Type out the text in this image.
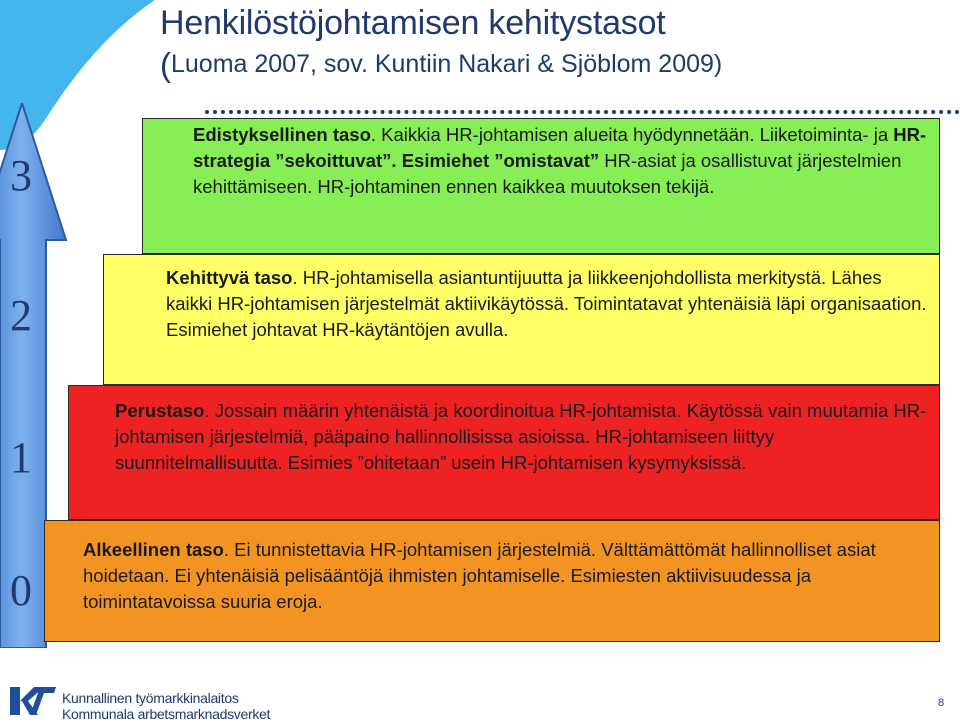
Henkilöstöjohtamisen kehitystasot
(Luoma 2007, sov. Kuntiin Nakari & Sjöblom 2009)
3
2
1
0
Edistyksellinen taso. Kaikkia HR-johtamisen alueita hyödynnetään. Liiketoiminta- ja HR-strategia ”sekoittuvat”. Esimiehet ”omistavat” HR-asiat ja osallistuvat järjestelmien kehittämiseen. HR-johtaminen ennen kaikkea muutoksen tekijä.
Kehittyvä taso. HR-johtamisella asiantuntijuutta ja liikkeenjohdollista merkitystä. Lähes kaikki HR-johtamisen järjestelmät aktiivikäytössä. Toimintatavat yhtenäisiä läpi organisaation. Esimiehet johtavat HR-käytäntöjen avulla.
Perustaso. Jossain määrin yhtenäistä ja koordinoitua HR-johtamista. Käytössä vain muutamia HR-johtamisen järjestelmiä, pääpaino hallinnollisissa asioissa. HR-johtamiseen liittyy suunnitelmallisuutta. Esimies ”ohitetaan” usein HR-johtamisen kysymyksissä.
Alkeellinen taso. Ei tunnistettavia HR-johtamisen järjestelmiä. Välttämättömät hallinnolliset asiat hoidetaan. Ei yhtenäisiä pelisääntöjä ihmisten johtamiselle. Esimiesten aktiivisuudessa ja toimintatavoissa suuria eroja.
Kunnallinen työmarkkinalaitos
Kommunala arbetsmarknadsverket
8
